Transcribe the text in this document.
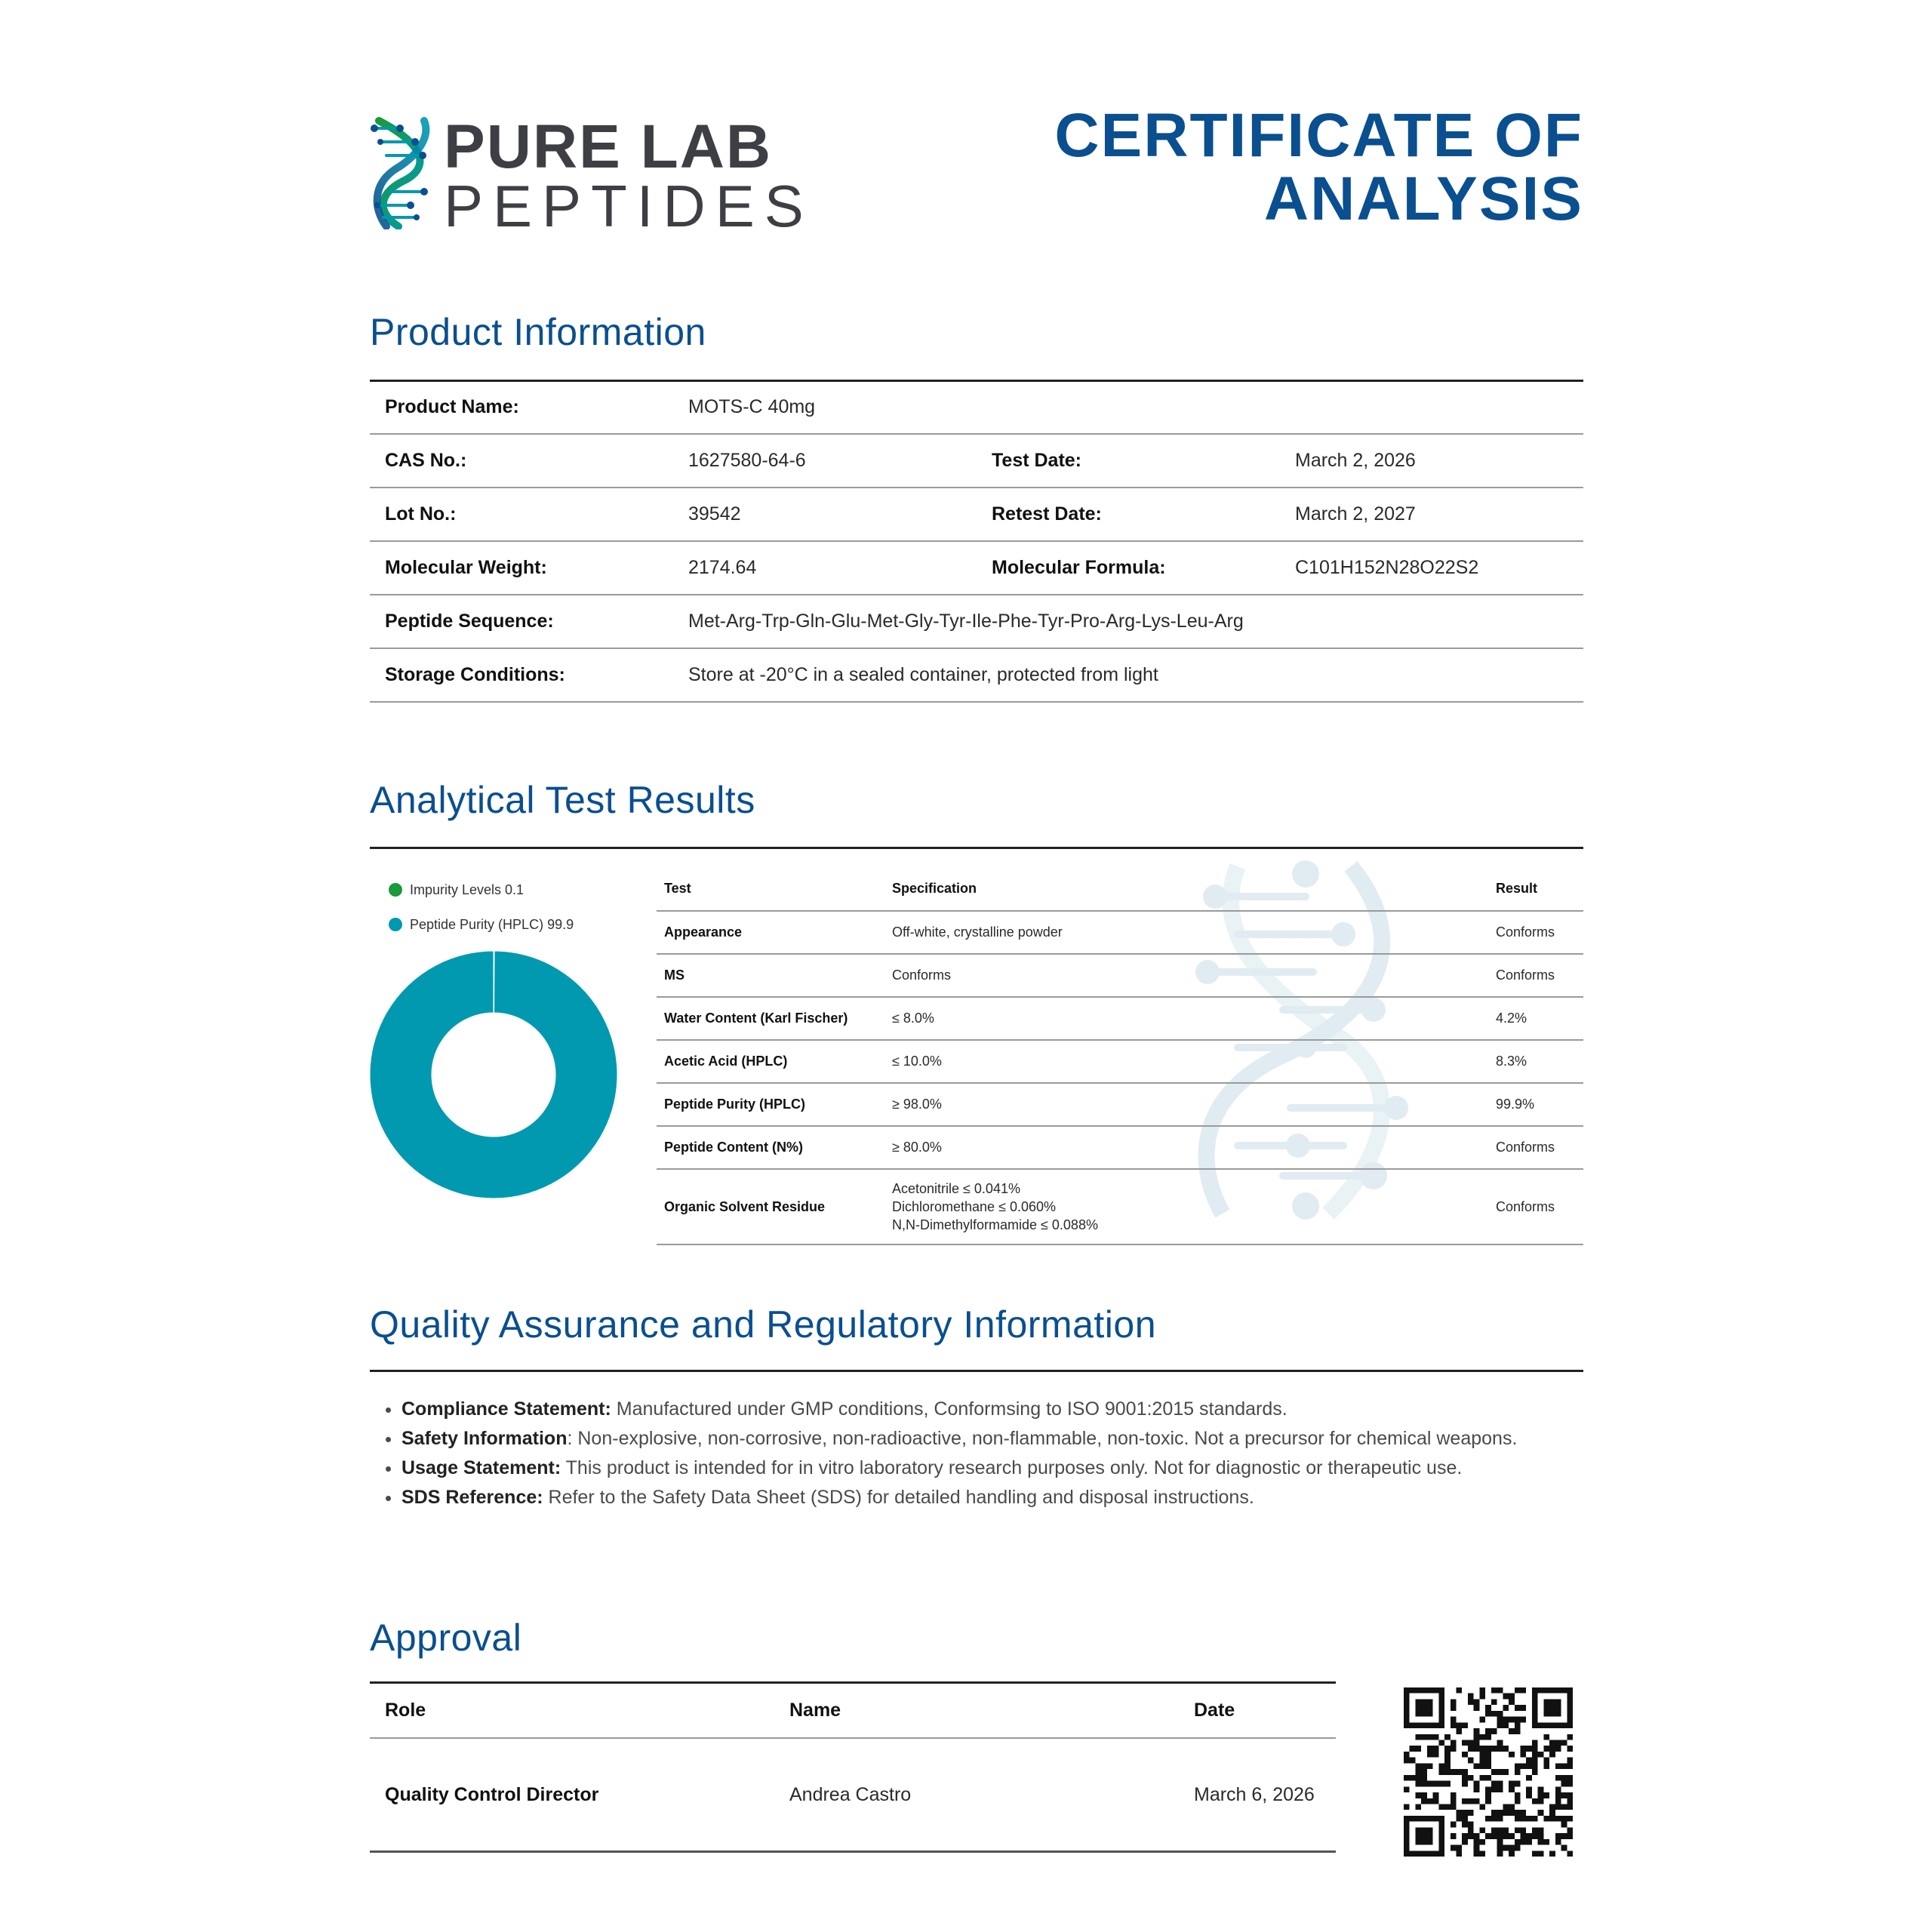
PURE LAB
PEPTIDES
CERTIFICATE OF
ANALYSIS
Product Information
Product Name:	MOTS-C 40mg		
CAS No.:	1627580-64-6	Test Date:	March 2, 2026
Lot No.:	39542	Retest Date:	March 2, 2027
Molecular Weight:	2174.64	Molecular Formula:	C101H152N28O22S2
Peptide Sequence:	Met-Arg-Trp-Gln-Glu-Met-Gly-Tyr-Ile-Phe-Tyr-Pro-Arg-Lys-Leu-Arg		
Storage Conditions:	Store at -20°C in a sealed container, protected from light		
Analytical Test Results
Impurity Levels 0.1
Peptide Purity (HPLC) 99.9
Test	Specification	Result
Appearance	Off-white, crystalline powder	Conforms
MS	Conforms	Conforms
Water Content (Karl Fischer)	≤ 8.0%	4.2%
Acetic Acid (HPLC)	≤ 10.0%	8.3%
Peptide Purity (HPLC)	≥ 98.0%	99.9%
Peptide Content (N%)	≥ 80.0%	Conforms
Organic Solvent Residue	Acetonitrile ≤ 0.041%
Dichloromethane ≤ 0.060%
N,N-Dimethylformamide ≤ 0.088%	Conforms
Quality Assurance and Regulatory Information
• Compliance Statement: Manufactured under GMP conditions, Conformsing to ISO 9001:2015 standards.
• Safety Information: Non-explosive, non-corrosive, non-radioactive, non-flammable, non-toxic. Not a precursor for chemical weapons.
• Usage Statement: This product is intended for in vitro laboratory research purposes only. Not for diagnostic or therapeutic use.
• SDS Reference: Refer to the Safety Data Sheet (SDS) for detailed handling and disposal instructions.
Approval
Role	Name	Date
Quality Control Director	Andrea Castro	March 6, 2026
